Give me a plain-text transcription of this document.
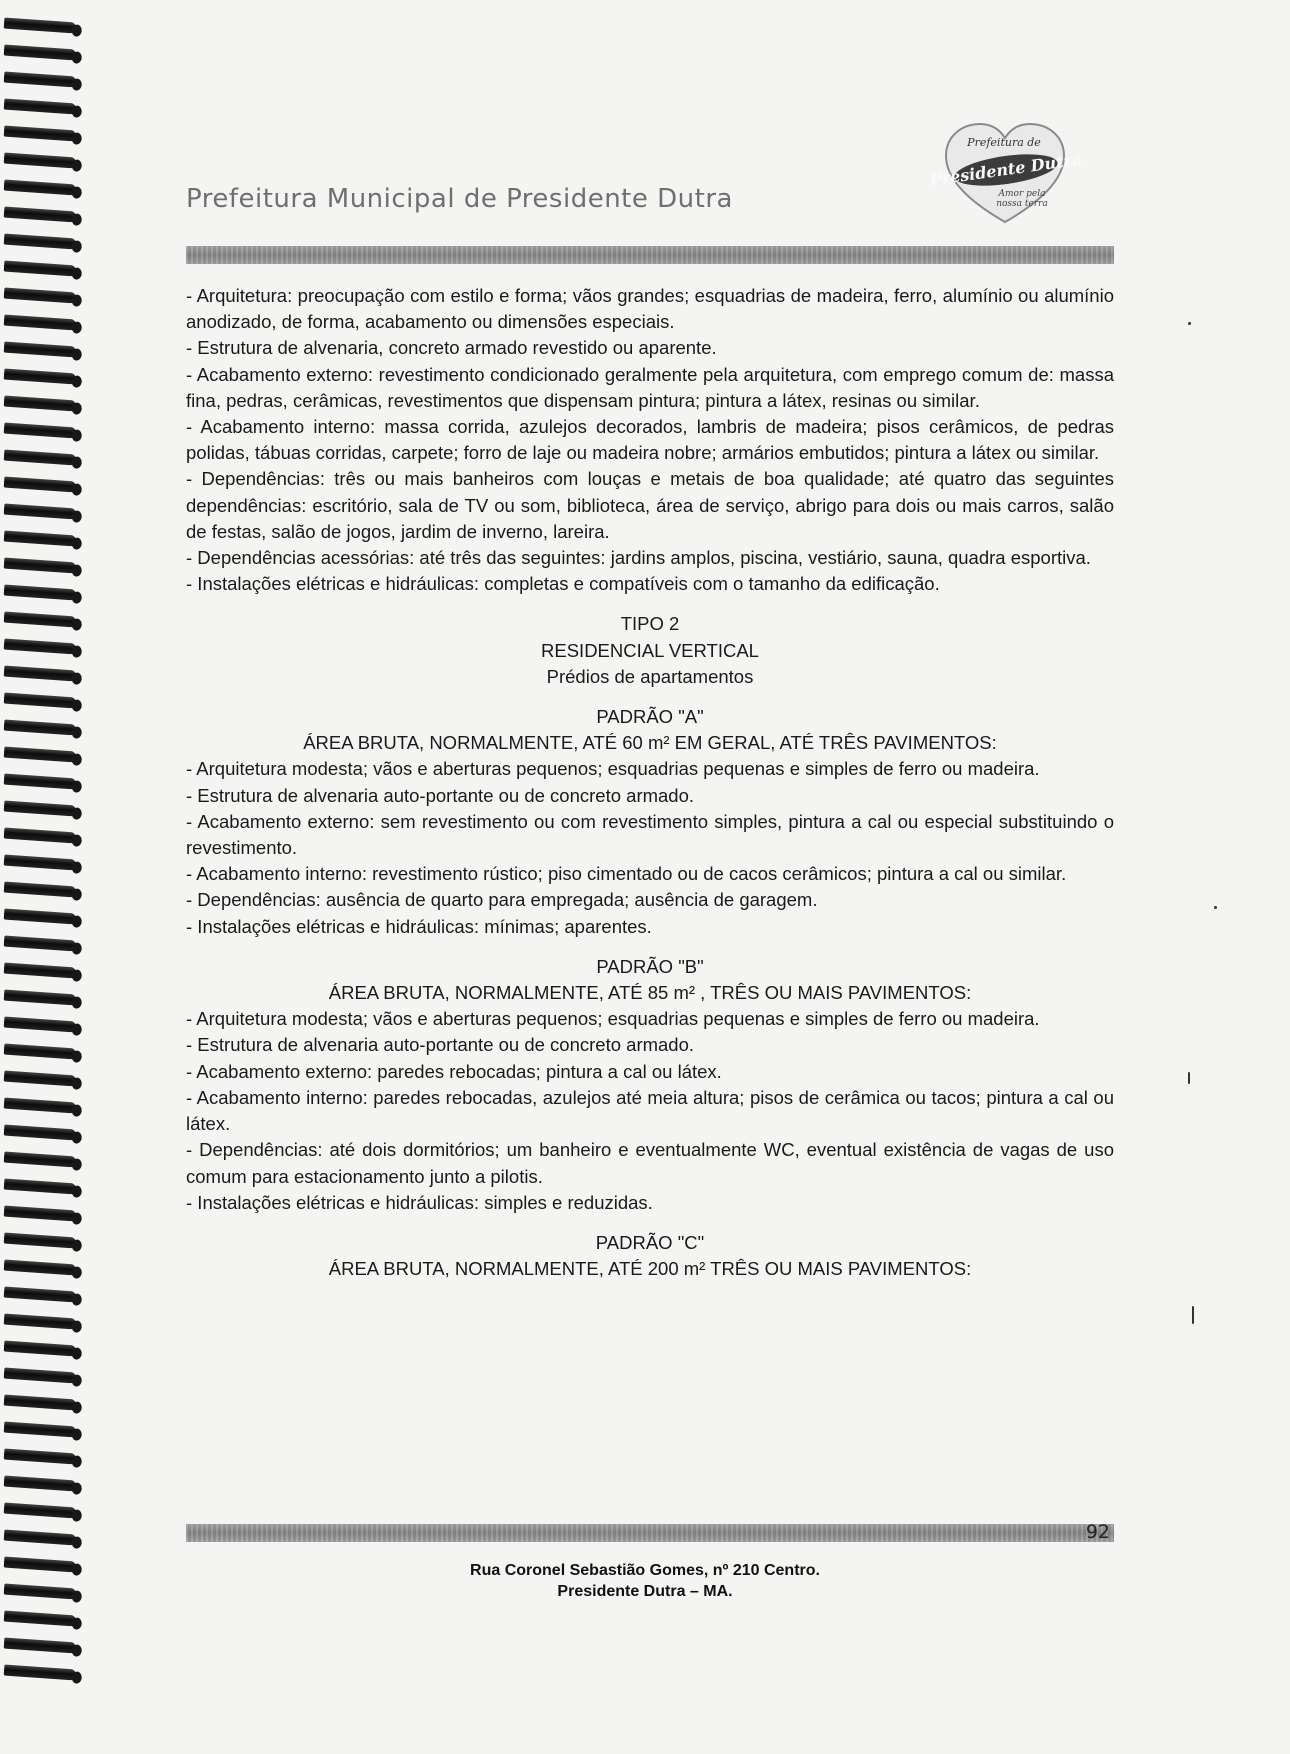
Prefeitura Municipal de Presidente Dutra
Prefeitura de
Presidente Dutra
Amor pela
nossa terra

- Arquitetura: preocupação com estilo e forma; vãos grandes; esquadrias de madeira, ferro, alumínio ou alumínio anodizado, de forma, acabamento ou dimensões especiais.

- Estrutura de alvenaria, concreto armado revestido ou aparente.

- Acabamento externo: revestimento condicionado geralmente pela arquitetura, com emprego comum de: massa fina, pedras, cerâmicas, revestimentos que dispensam pintura; pintura a látex, resinas ou similar.

- Acabamento interno: massa corrida, azulejos decorados, lambris de madeira; pisos cerâmicos, de pedras polidas, tábuas corridas, carpete; forro de laje ou madeira nobre; armários embutidos; pintura a látex ou similar.

- Dependências: três ou mais banheiros com louças e metais de boa qualidade; até quatro das seguintes dependências: escritório, sala de TV ou som, biblioteca, área de serviço, abrigo para dois ou mais carros, salão de festas, salão de jogos, jardim de inverno, lareira.

- Dependências acessórias: até três das seguintes: jardins amplos, piscina, vestiário, sauna, quadra esportiva.

- Instalações elétricas e hidráulicas: completas e compatíveis com o tamanho da edificação.

TIPO 2

RESIDENCIAL VERTICAL

Prédios de apartamentos

PADRÃO "A"

ÁREA BRUTA, NORMALMENTE, ATÉ 60 m² EM GERAL, ATÉ TRÊS PAVIMENTOS:

- Arquitetura modesta; vãos e aberturas pequenos; esquadrias pequenas e simples de ferro ou madeira.

- Estrutura de alvenaria auto-portante ou de concreto armado.

- Acabamento externo: sem revestimento ou com revestimento simples, pintura a cal ou especial substituindo o revestimento.

- Acabamento interno: revestimento rústico; piso cimentado ou de cacos cerâmicos; pintura a cal ou similar.

- Dependências: ausência de quarto para empregada; ausência de garagem.

- Instalações elétricas e hidráulicas: mínimas; aparentes.

PADRÃO "B"

ÁREA BRUTA, NORMALMENTE, ATÉ 85 m² , TRÊS OU MAIS PAVIMENTOS:

- Arquitetura modesta; vãos e aberturas pequenos; esquadrias pequenas e simples de ferro ou madeira.

- Estrutura de alvenaria auto-portante ou de concreto armado.

- Acabamento externo: paredes rebocadas; pintura a cal ou látex.

- Acabamento interno: paredes rebocadas, azulejos até meia altura; pisos de cerâmica ou tacos; pintura a cal ou látex.

- Dependências: até dois dormitórios; um banheiro e eventualmente WC, eventual existência de vagas de uso comum para estacionamento junto a pilotis.

- Instalações elétricas e hidráulicas: simples e reduzidas.

PADRÃO "C"

ÁREA BRUTA, NORMALMENTE, ATÉ 200 m² TRÊS OU MAIS PAVIMENTOS:

92
Rua Coronel Sebastião Gomes, nº 210 Centro.
Presidente Dutra – MA.
